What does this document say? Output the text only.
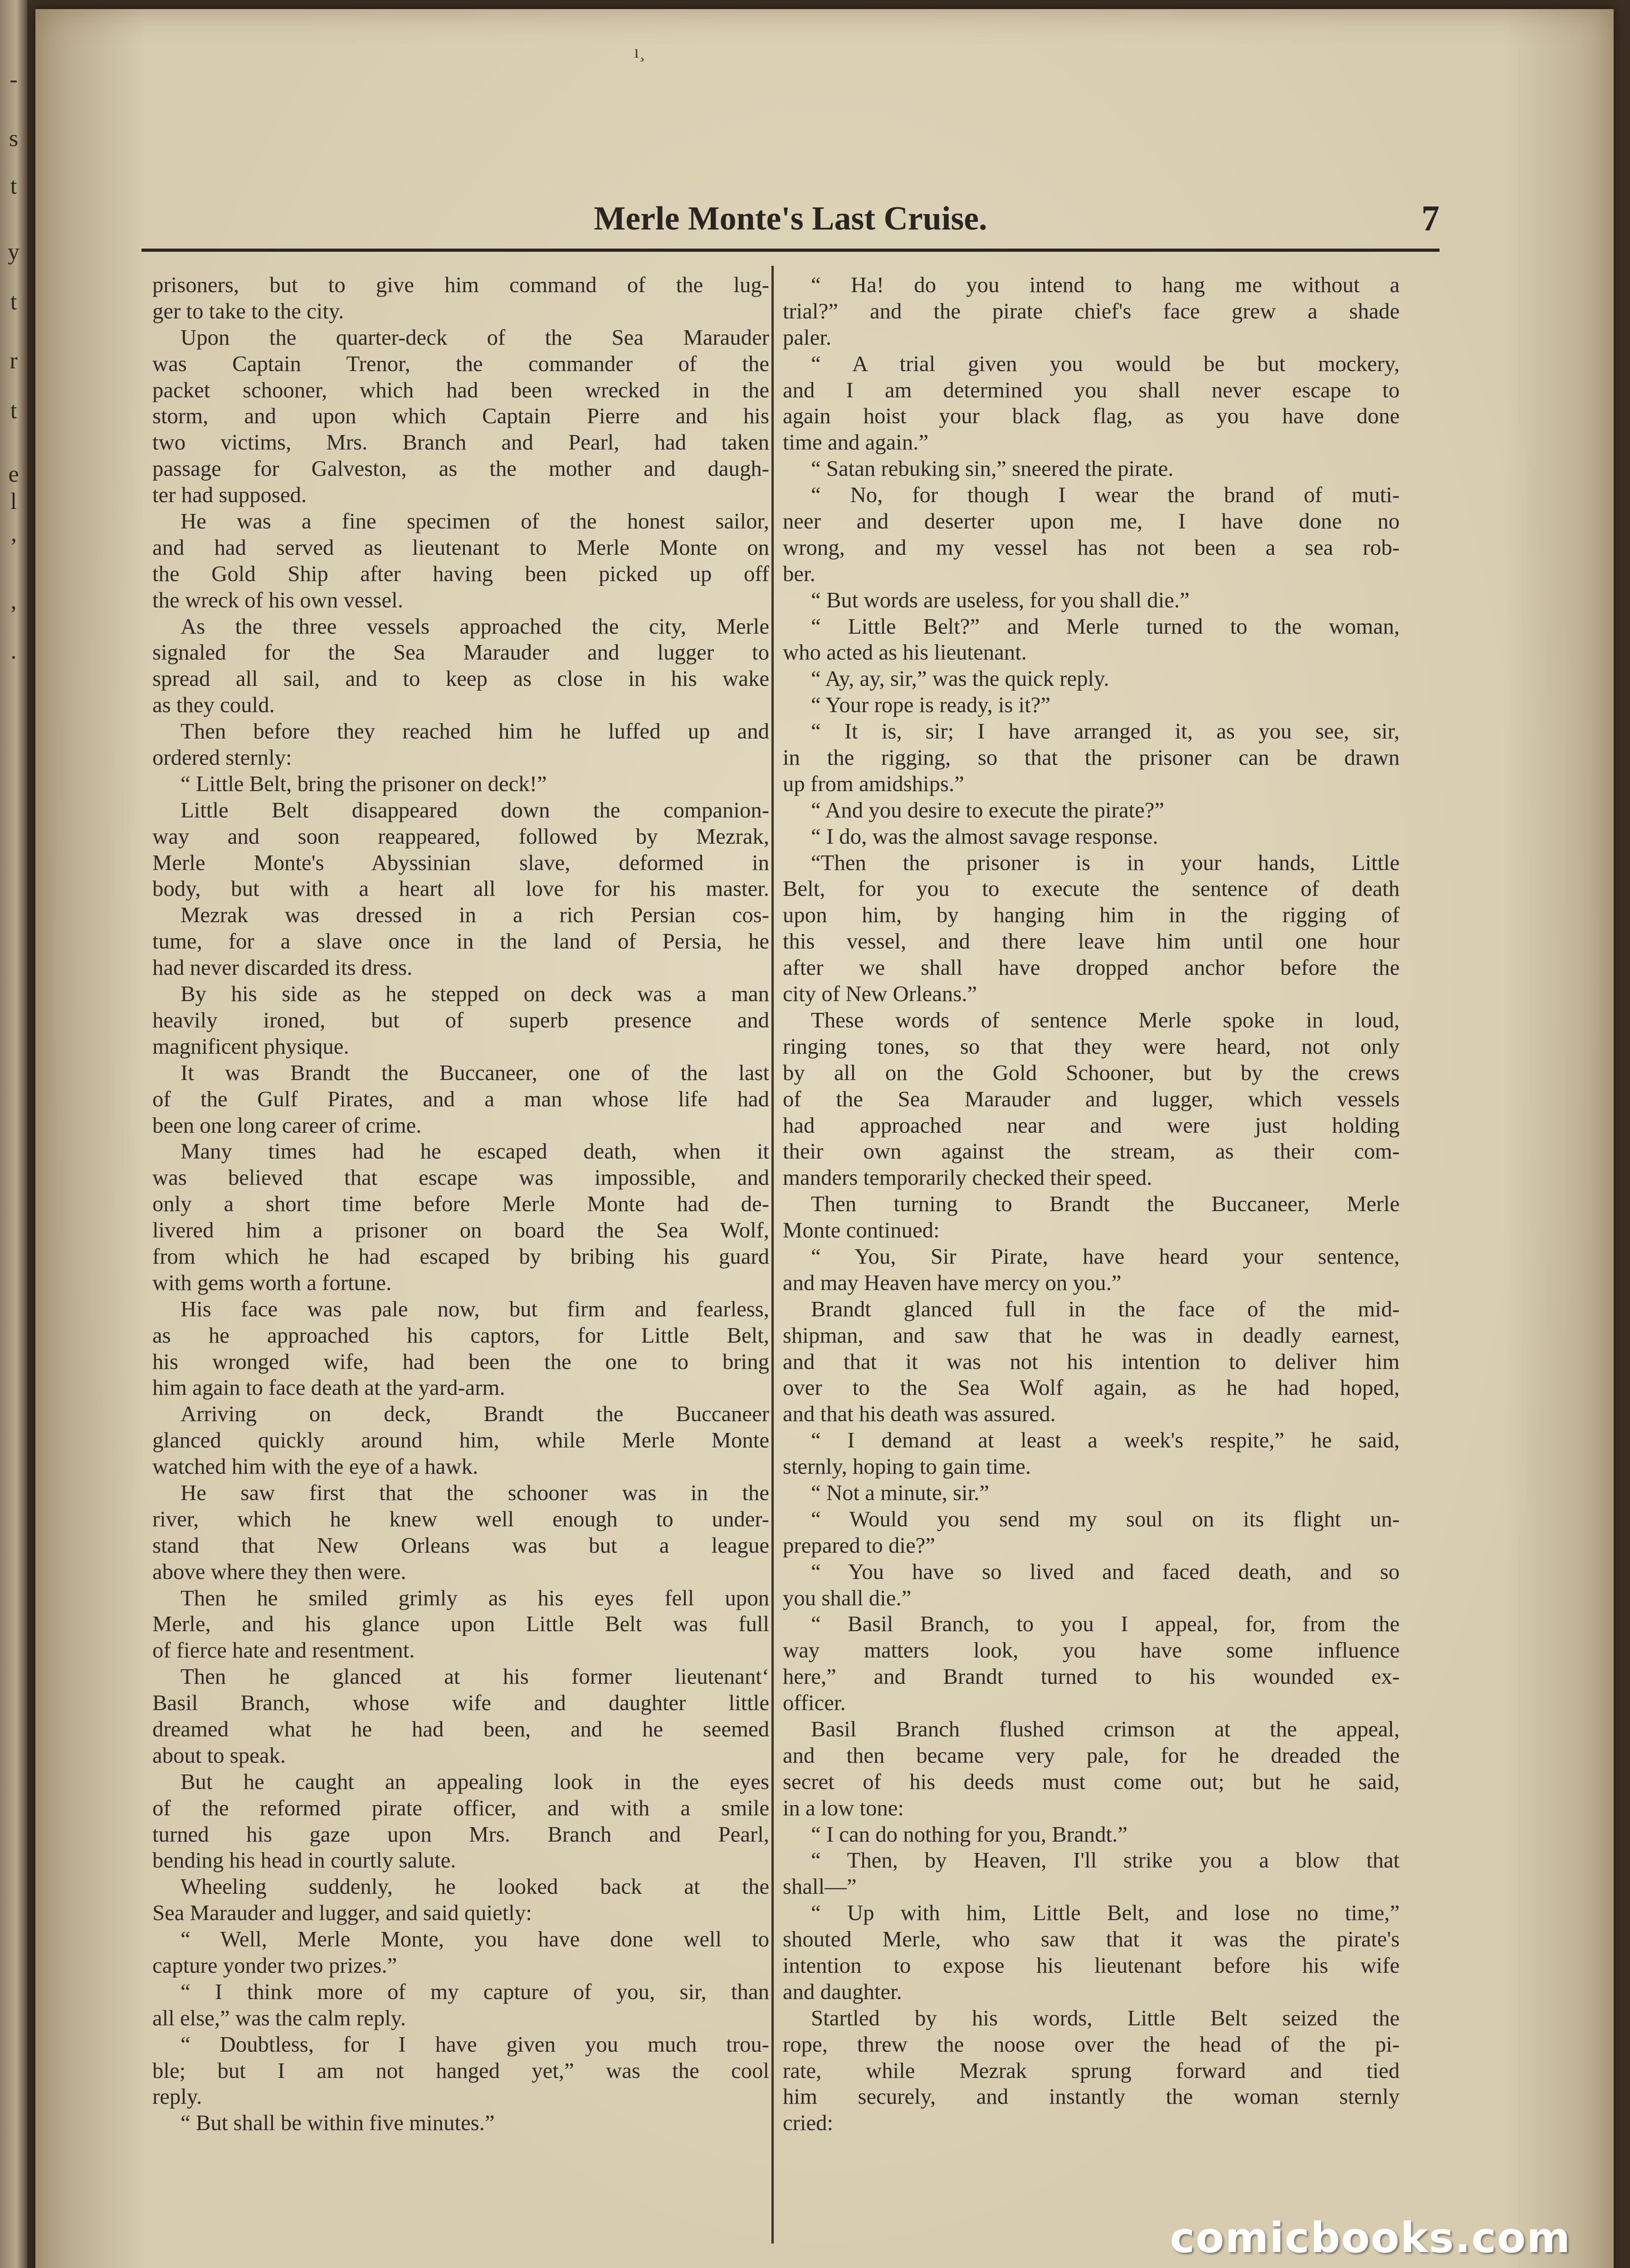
-
s
t
y
t
r
t
e
l
’
,
.
ı¸
Merle Monte's Last Cruise.	7
prisoners, but to give him command of the lug-
ger to take to the city.
Upon the quarter-deck of the Sea Marauder
was Captain Trenor, the commander of the
packet schooner, which had been wrecked in the
storm, and upon which Captain Pierre and his
two victims, Mrs. Branch and Pearl, had taken
passage for Galveston, as the mother and daugh-
ter had supposed.
He was a fine specimen of the honest sailor,
and had served as lieutenant to Merle Monte on
the Gold Ship after having been picked up off
the wreck of his own vessel.
As the three vessels approached the city, Merle
signaled for the Sea Marauder and lugger to
spread all sail, and to keep as close in his wake
as they could.
Then before they reached him he luffed up and
ordered sternly:
“ Little Belt, bring the prisoner on deck!”
Little Belt disappeared down the companion-
way and soon reappeared, followed by Mezrak,
Merle Monte's Abyssinian slave, deformed in
body, but with a heart all love for his master.
Mezrak was dressed in a rich Persian cos-
tume, for a slave once in the land of Persia, he
had never discarded its dress.
By his side as he stepped on deck was a man
heavily ironed, but of superb presence and
magnificent physique.
It was Brandt the Buccaneer, one of the last
of the Gulf Pirates, and a man whose life had
been one long career of crime.
Many times had he escaped death, when it
was believed that escape was impossible, and
only a short time before Merle Monte had de-
livered him a prisoner on board the Sea Wolf,
from which he had escaped by bribing his guard
with gems worth a fortune.
His face was pale now, but firm and fearless,
as he approached his captors, for Little Belt,
his wronged wife, had been the one to bring
him again to face death at the yard-arm.
Arriving on deck, Brandt the Buccaneer
glanced quickly around him, while Merle Monte
watched him with the eye of a hawk.
He saw first that the schooner was in the
river, which he knew well enough to under-
stand that New Orleans was but a league
above where they then were.
Then he smiled grimly as his eyes fell upon
Merle, and his glance upon Little Belt was full
of fierce hate and resentment.
Then he glanced at his former lieutenant‘
Basil Branch, whose wife and daughter little
dreamed what he had been, and he seemed
about to speak.
But he caught an appealing look in the eyes
of the reformed pirate officer, and with a smile
turned his gaze upon Mrs. Branch and Pearl,
bending his head in courtly salute.
Wheeling suddenly, he looked back at the
Sea Marauder and lugger, and said quietly:
“ Well, Merle Monte, you have done well to
capture yonder two prizes.”
“ I think more of my capture of you, sir, than
all else,” was the calm reply.
“ Doubtless, for I have given you much trou-
ble; but I am not hanged yet,” was the cool
reply.
“ But shall be within five minutes.”
“ Ha! do you intend to hang me without a
trial?” and the pirate chief's face grew a shade
paler.
“ A trial given you would be but mockery,
and I am determined you shall never escape to
again hoist your black flag, as you have done
time and again.”
“ Satan rebuking sin,” sneered the pirate.
“ No, for though I wear the brand of muti-
neer and deserter upon me, I have done no
wrong, and my vessel has not been a sea rob-
ber.
“ But words are useless, for you shall die.”
“ Little Belt?” and Merle turned to the woman,
who acted as his lieutenant.
“ Ay, ay, sir,” was the quick reply.
“ Your rope is ready, is it?”
“ It is, sir; I have arranged it, as you see, sir,
in the rigging, so that the prisoner can be drawn
up from amidships.”
“ And you desire to execute the pirate?”
“ I do, was the almost savage response.
“Then the prisoner is in your hands, Little
Belt, for you to execute the sentence of death
upon him, by hanging him in the rigging of
this vessel, and there leave him until one hour
after we shall have dropped anchor before the
city of New Orleans.”
These words of sentence Merle spoke in loud,
ringing tones, so that they were heard, not only
by all on the Gold Schooner, but by the crews
of the Sea Marauder and lugger, which vessels
had approached near and were just holding
their own against the stream, as their com-
manders temporarily checked their speed.
Then turning to Brandt the Buccaneer, Merle
Monte continued:
“ You, Sir Pirate, have heard your sentence,
and may Heaven have mercy on you.”
Brandt glanced full in the face of the mid-
shipman, and saw that he was in deadly earnest,
and that it was not his intention to deliver him
over to the Sea Wolf again, as he had hoped,
and that his death was assured.
“ I demand at least a week's respite,” he said,
sternly, hoping to gain time.
“ Not a minute, sir.”
“ Would you send my soul on its flight un-
prepared to die?”
“ You have so lived and faced death, and so
you shall die.”
“ Basil Branch, to you I appeal, for, from the
way matters look, you have some influence
here,” and Brandt turned to his wounded ex-
officer.
Basil Branch flushed crimson at the appeal,
and then became very pale, for he dreaded the
secret of his deeds must come out; but he said,
in a low tone:
“ I can do nothing for you, Brandt.”
“ Then, by Heaven, I'll strike you a blow that
shall—”
“ Up with him, Little Belt, and lose no time,”
shouted Merle, who saw that it was the pirate's
intention to expose his lieutenant before his wife
and daughter.
Startled by his words, Little Belt seized the
rope, threw the noose over the head of the pi-
rate, while Mezrak sprung forward and tied
him securely, and instantly the woman sternly
cried:
comicbooks.com
